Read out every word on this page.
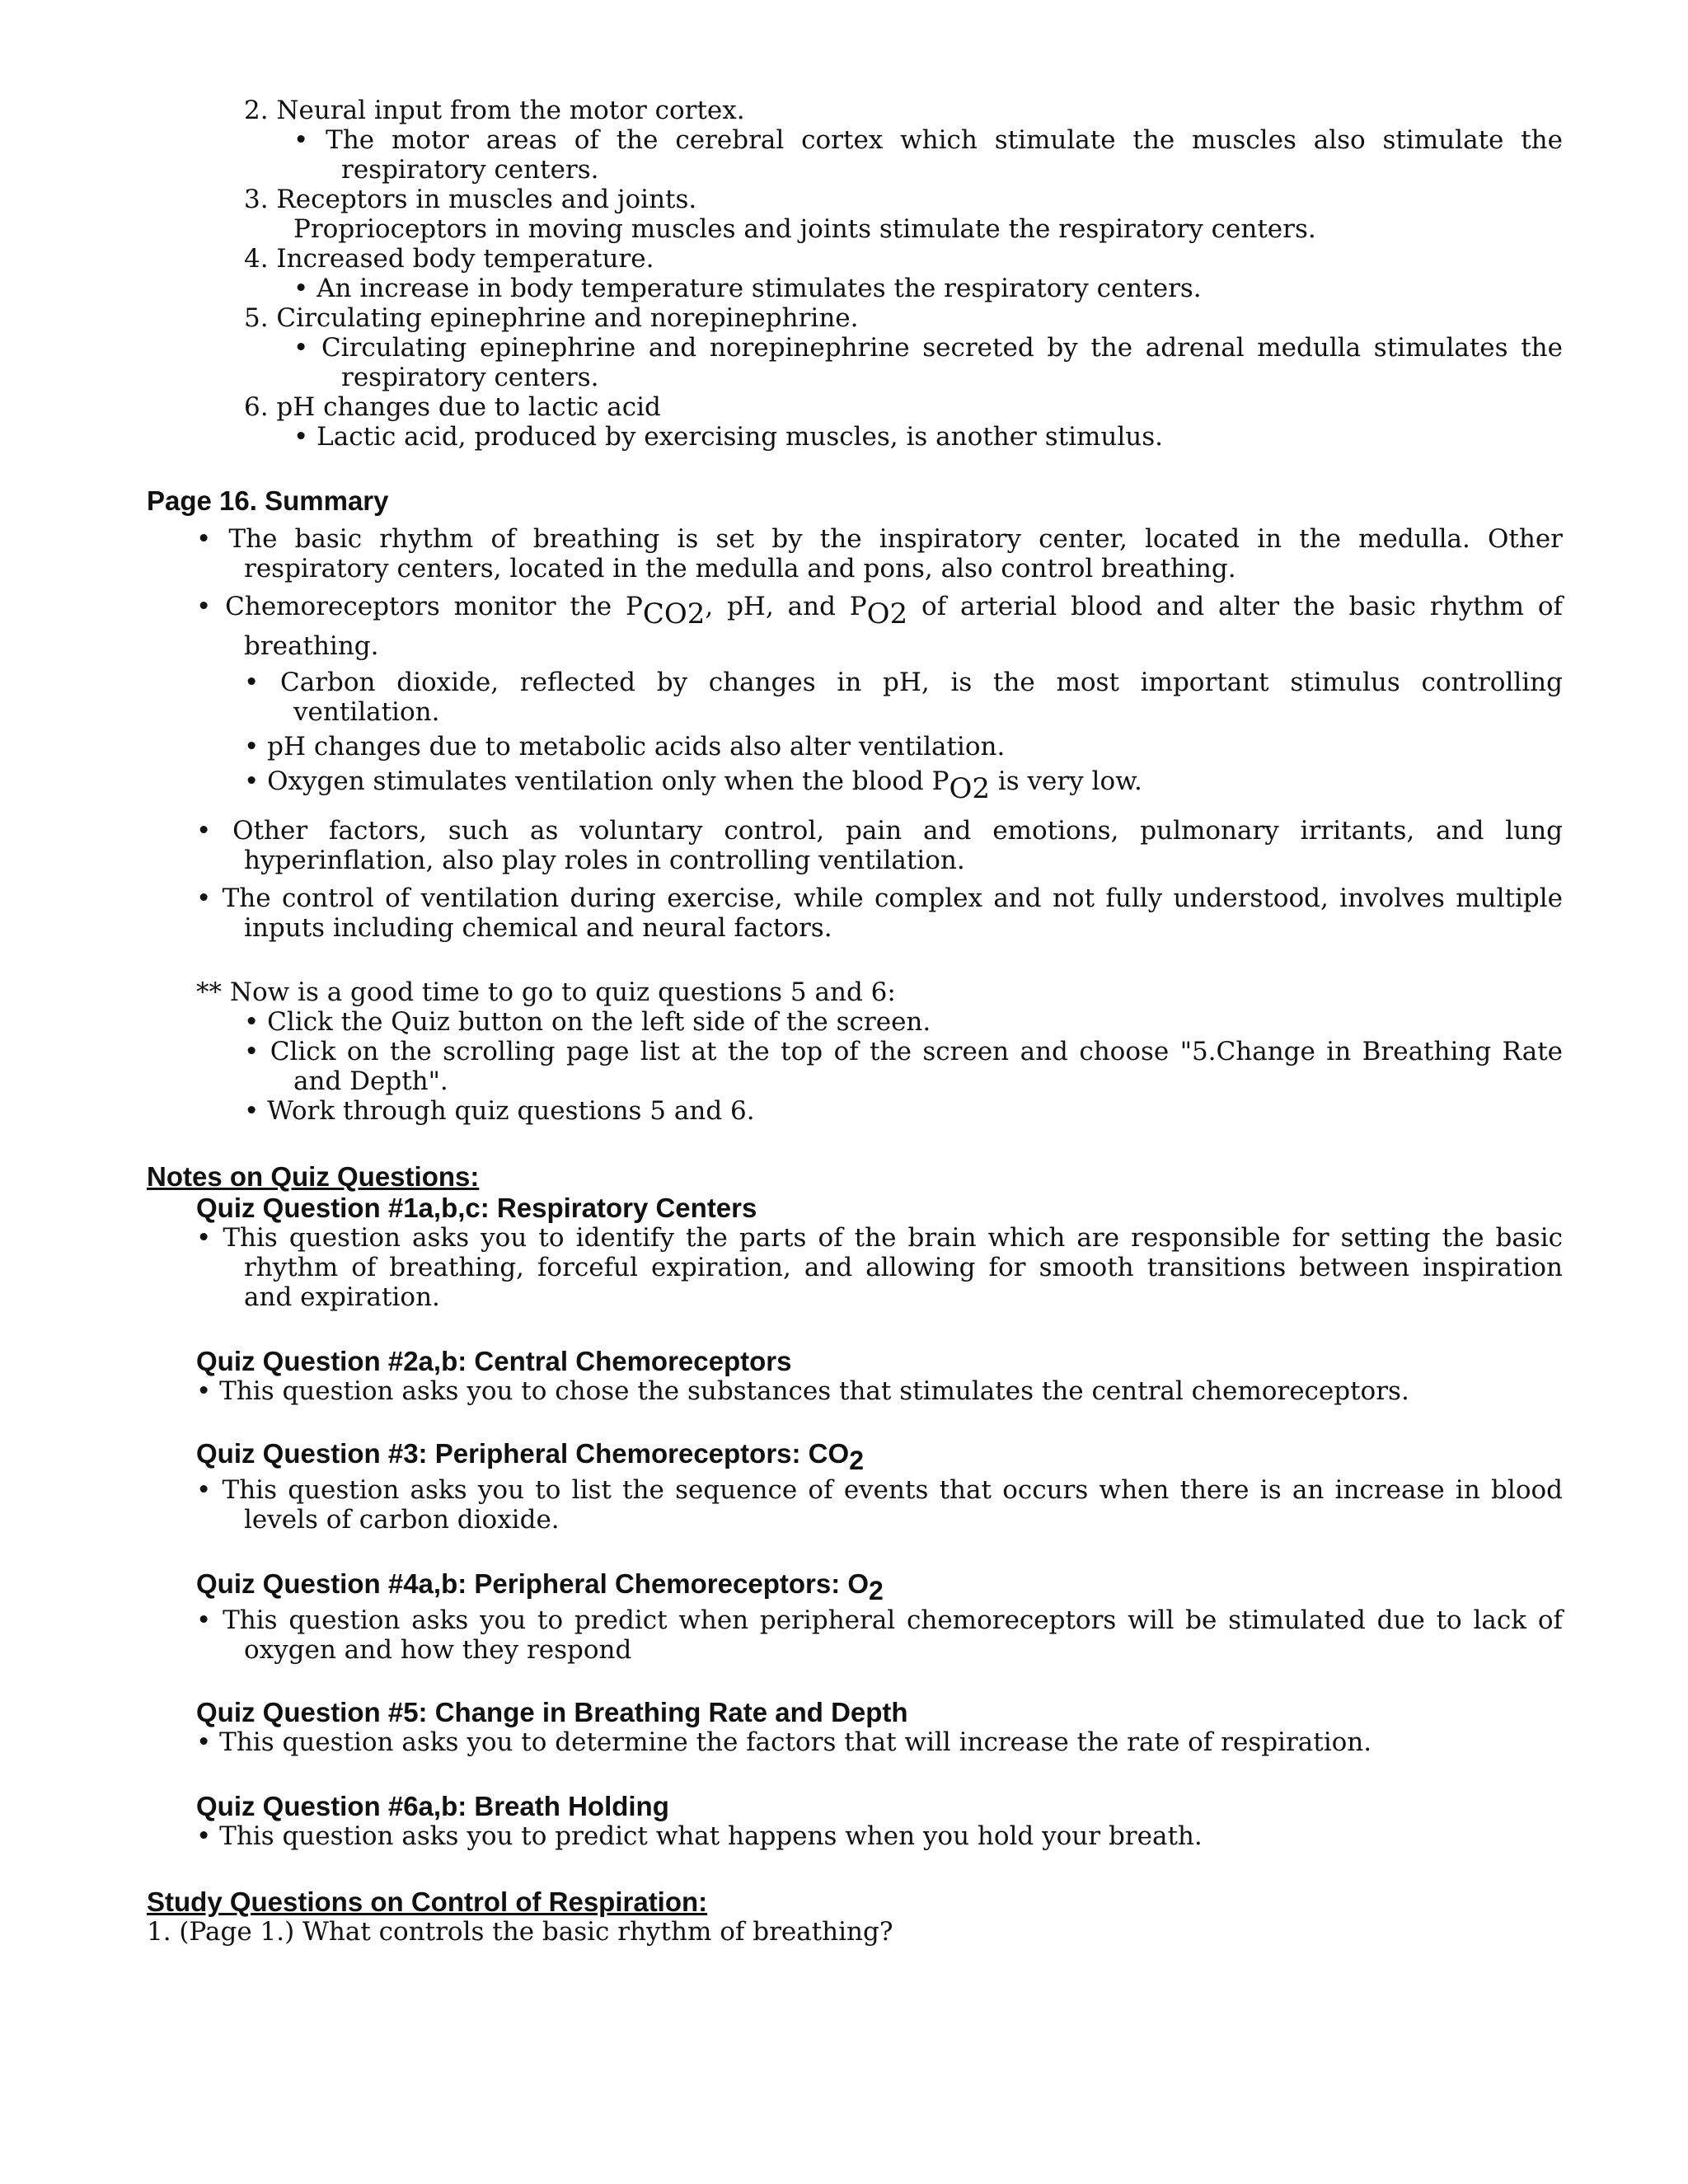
2. Neural input from the motor cortex.
• The motor areas of the cerebral cortex which stimulate the muscles also stimulate the
respiratory centers.
3. Receptors in muscles and joints.
Proprioceptors in moving muscles and joints stimulate the respiratory centers.
4. Increased body temperature.
• An increase in body temperature stimulates the respiratory centers.
5. Circulating epinephrine and norepinephrine.
• Circulating epinephrine and norepinephrine secreted by the adrenal medulla stimulates the
respiratory centers.
6. pH changes due to lactic acid
• Lactic acid, produced by exercising muscles, is another stimulus.
Page 16. Summary
• The basic rhythm of breathing is set by the inspiratory center, located in the medulla. Other
respiratory centers, located in the medulla and pons, also control breathing.
• Chemoreceptors monitor the $P_{CO2}$, pH, and $P_{O2}$ of arterial blood and alter the basic rhythm of
breathing.
• Carbon dioxide, reflected by changes in pH, is the most important stimulus controlling
ventilation.
• pH changes due to metabolic acids also alter ventilation.
• Oxygen stimulates ventilation only when the blood $P_{O2}$ is very low.
• Other factors, such as voluntary control, pain and emotions, pulmonary irritants, and lung
hyperinflation, also play roles in controlling ventilation.
• The control of ventilation during exercise, while complex and not fully understood, involves multiple
inputs including chemical and neural factors.
** Now is a good time to go to quiz questions 5 and 6:
• Click the Quiz button on the left side of the screen.
• Click on the scrolling page list at the top of the screen and choose "5.Change in Breathing Rate
and Depth".
• Work through quiz questions 5 and 6.
Notes on Quiz Questions:
Quiz Question #1a,b,c: Respiratory Centers
• This question asks you to identify the parts of the brain which are responsible for setting the basic
rhythm of breathing, forceful expiration, and allowing for smooth transitions between inspiration
and expiration.
Quiz Question #2a,b: Central Chemoreceptors
• This question asks you to chose the substances that stimulates the central chemoreceptors.
Quiz Question #3: Peripheral Chemoreceptors: $CO_2$
• This question asks you to list the sequence of events that occurs when there is an increase in blood
levels of carbon dioxide.
Quiz Question #4a,b: Peripheral Chemoreceptors: $O_2$
• This question asks you to predict when peripheral chemoreceptors will be stimulated due to lack of
oxygen and how they respond
Quiz Question #5: Change in Breathing Rate and Depth
• This question asks you to determine the factors that will increase the rate of respiration.
Quiz Question #6a,b: Breath Holding
• This question asks you to predict what happens when you hold your breath.
Study Questions on Control of Respiration:
1. (Page 1.) What controls the basic rhythm of breathing?
